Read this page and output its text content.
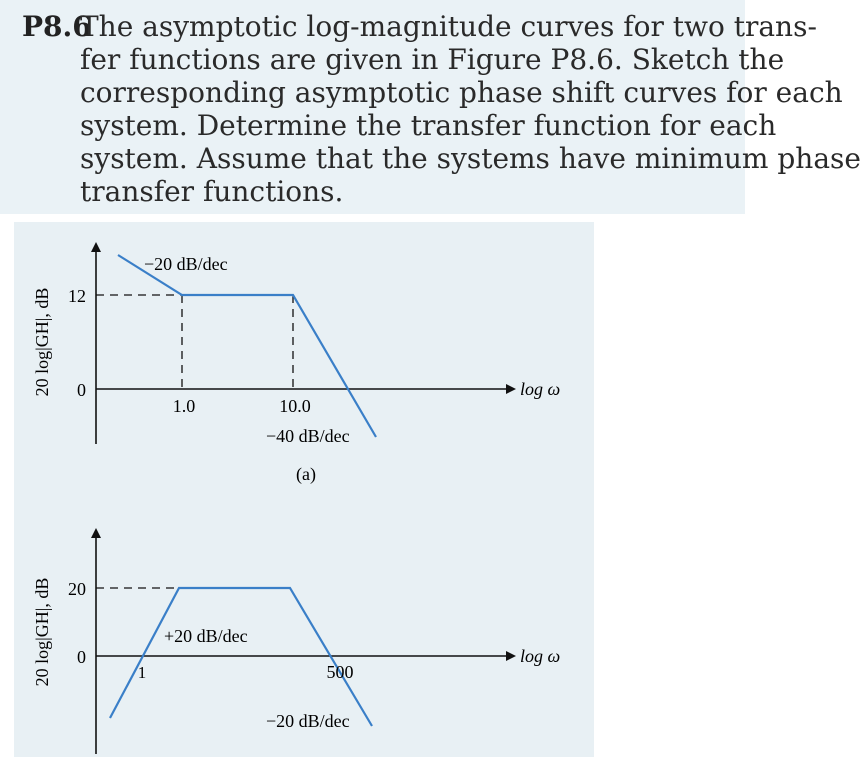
P8.6
The asymptotic log-magnitude curves for two trans-
fer functions are given in Figure P8.6. Sketch the
corresponding asymptotic phase shift curves for each
system. Determine the transfer function for each
system. Assume that the systems have minimum phase
transfer functions.
12
0
1.0	10.0
−20 dB/dec
−40 dB/dec
log ω
20 log|GH|, dB
(a)
20
0
1	500
+20 dB/dec
−20 dB/dec
log ω
20 log|GH|, dB
